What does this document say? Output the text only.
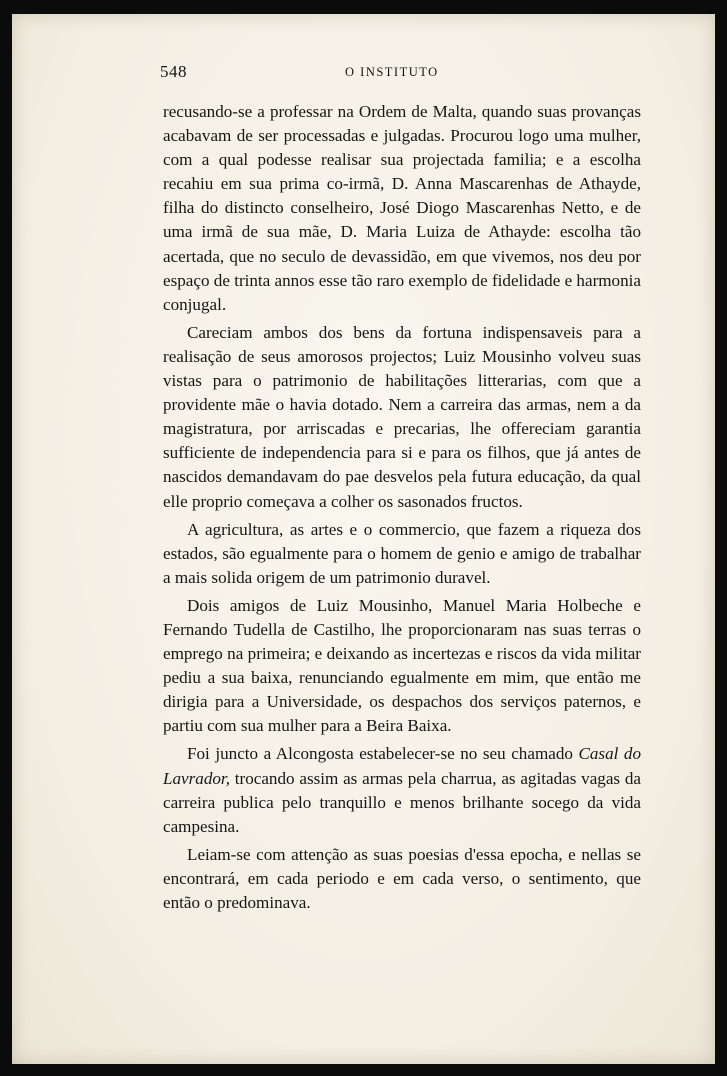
548	O INSTITUTO

recusando-se a professar na Ordem de Malta, quando suas provanças acabavam de ser processadas e julgadas. Procurou logo uma mulher, com a qual podesse realisar sua projectada familia; e a escolha recahiu em sua prima co-irmã, D. Anna Mascarenhas de Athayde, filha do distincto conselheiro, José Diogo Mascarenhas Netto, e de uma irmã de sua mãe, D. Maria Luiza de Athayde: escolha tão acertada, que no seculo de devassidão, em que vivemos, nos deu por espaço de trinta annos esse tão raro exemplo de fidelidade e harmonia conjugal.

Careciam ambos dos bens da fortuna indispensaveis para a realisação de seus amorosos projectos; Luiz Mousinho volveu suas vistas para o patrimonio de habilitações litterarias, com que a providente mãe o havia dotado. Nem a carreira das armas, nem a da magistratura, por arriscadas e precarias, lhe offereciam garantia sufficiente de independencia para si e para os filhos, que já antes de nascidos demandavam do pae desvelos pela futura educação, da qual elle proprio começava a colher os sasonados fructos.

A agricultura, as artes e o commercio, que fazem a riqueza dos estados, são egualmente para o homem de genio e amigo de trabalhar a mais solida origem de um patrimonio duravel.

Dois amigos de Luiz Mousinho, Manuel Maria Holbeche e Fernando Tudella de Castilho, lhe proporcionaram nas suas terras o emprego na primeira; e deixando as incertezas e riscos da vida militar pediu a sua baixa, renunciando egualmente em mim, que então me dirigia para a Universidade, os despachos dos serviços paternos, e partiu com sua mulher para a Beira Baixa.

Foi juncto a Alcongosta estabelecer-se no seu chamado Casal do Lavrador, trocando assim as armas pela charrua, as agitadas vagas da carreira publica pelo tranquillo e menos brilhante socego da vida campesina.

Leiam-se com attenção as suas poesias d'essa epocha, e nellas se encontrará, em cada periodo e em cada verso, o sentimento, que então o predominava.
